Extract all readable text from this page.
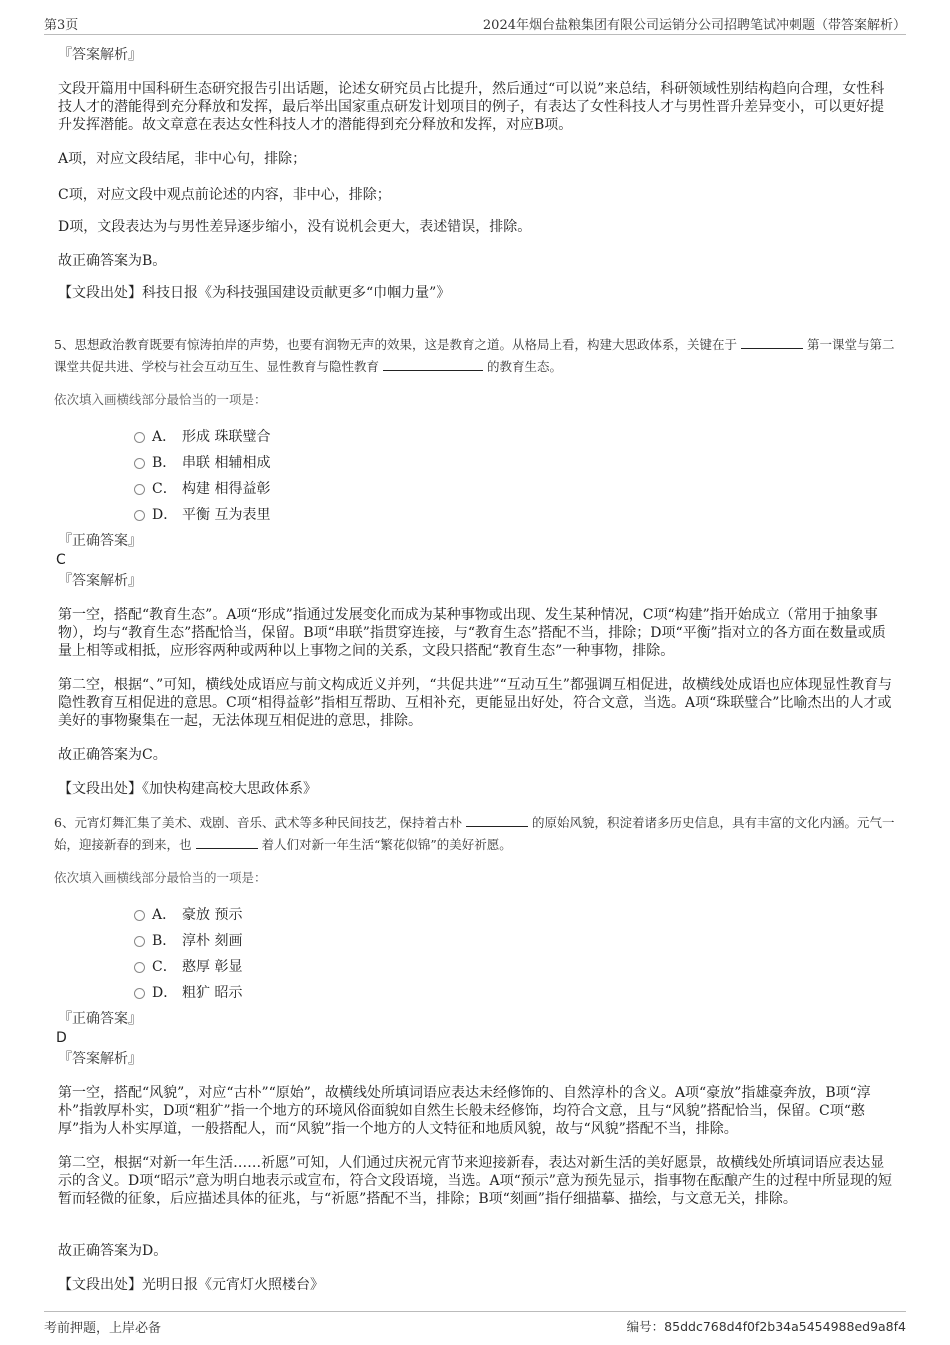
第3页	2024年烟台盐粮集团有限公司运销分公司招聘笔试冲刺题（带答案解析）
『答案解析』

文段开篇用中国科研生态研究报告引出话题，论述女研究员占比提升，然后通过“可以说”来总结，科研领域性别结构趋向合理，女性科技人才的潜能得到充分释放和发挥，最后举出国家重点研发计划项目的例子，有表达了女性科技人才与男性晋升差异变小，可以更好提升发挥潜能。故文章意在表达女性科技人才的潜能得到充分释放和发挥，对应B项。

A项，对应文段结尾，非中心句，排除；

C项，对应文段中观点前论述的内容，非中心，排除；

D项，文段表达为与男性差异逐步缩小，没有说机会更大，表述错误，排除。

故正确答案为B。

【文段出处】科技日报《为科技强国建设贡献更多“巾帼力量”》

5、思想政治教育既要有惊涛拍岸的声势，也要有润物无声的效果，这是教育之道。从格局上看，构建大思政体系，关键在于	第一课堂与第二课堂共促共进、学校与社会互动互生、显性教育与隐性教育	的教育生态。
依次填入画横线部分最恰当的一项是：
A． 形成 珠联璧合
B． 串联 相辅相成
C． 构建 相得益彰
D． 平衡 互为表里
『正确答案』
C
『答案解析』

第一空，搭配“教育生态”。A项“形成”指通过发展变化而成为某种事物或出现、发生某种情况，C项“构建”指开始成立（常用于抽象事物），均与“教育生态”搭配恰当，保留。B项“串联”指贯穿连接，与“教育生态”搭配不当，排除；D项“平衡”指对立的各方面在数量或质量上相等或相抵，应形容两种或两种以上事物之间的关系，文段只搭配“教育生态”一种事物，排除。

第二空，根据“、”可知，横线处成语应与前文构成近义并列，“共促共进”“互动互生”都强调互相促进，故横线处成语也应体现显性教育与隐性教育互相促进的意思。C项“相得益彰”指相互帮助、互相补充，更能显出好处，符合文意，当选。A项“珠联璧合”比喻杰出的人才或美好的事物聚集在一起，无法体现互相促进的意思，排除。

故正确答案为C。

【文段出处】《加快构建高校大思政体系》

6、元宵灯舞汇集了美术、戏剧、音乐、武术等多种民间技艺，保持着古朴	的原始风貌，积淀着诸多历史信息，具有丰富的文化内涵。元气一始，迎接新春的到来，也	着人们对新一年生活“繁花似锦”的美好祈愿。
依次填入画横线部分最恰当的一项是：
A． 豪放 预示
B． 淳朴 刻画
C． 憨厚 彰显
D． 粗犷 昭示
『正确答案』
D
『答案解析』

第一空，搭配“风貌”，对应“古朴”“原始”，故横线处所填词语应表达未经修饰的、自然淳朴的含义。A项“豪放”指雄豪奔放，B项“淳朴”指敦厚朴实，D项“粗犷”指一个地方的环境风俗面貌如自然生长般未经修饰，均符合文意，且与“风貌”搭配恰当，保留。C项“憨厚”指为人朴实厚道，一般搭配人，而“风貌”指一个地方的人文特征和地质风貌，故与“风貌”搭配不当，排除。

第二空，根据“对新一年生活……祈愿”可知，人们通过庆祝元宵节来迎接新春，表达对新生活的美好愿景，故横线处所填词语应表达显示的含义。D项“昭示”意为明白地表示或宣布，符合文段语境，当选。A项“预示”意为预先显示，指事物在酝酿产生的过程中所显现的短暂而轻微的征象，后应描述具体的征兆，与“祈愿”搭配不当，排除；B项“刻画”指仔细描摹、描绘，与文意无关，排除。

故正确答案为D。

【文段出处】光明日报《元宵灯火照楼台》

考前押题，上岸必备	编号：85ddc768d4f0f2b34a5454988ed9a8f4
